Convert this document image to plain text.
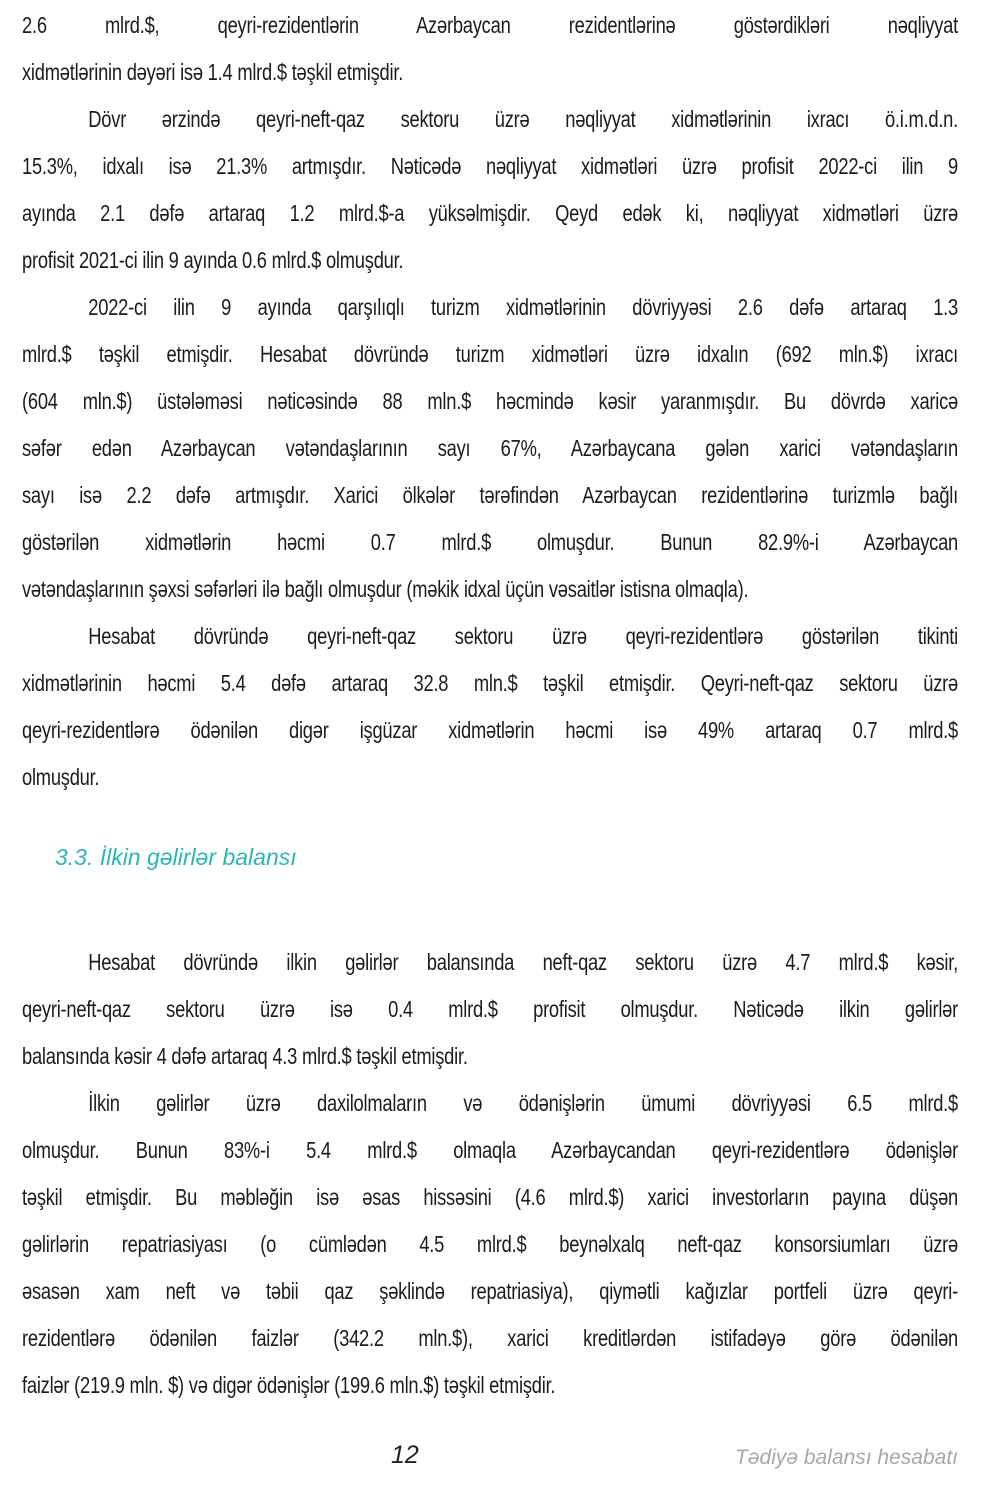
2.6 mlrd.$, qeyri-rezidentlərin Azərbaycan rezidentlərinə göstərdikləri nəqliyyat
xidmətlərinin dəyəri isə 1.4 mlrd.$ təşkil etmişdir.
Dövr ərzində qeyri-neft-qaz sektoru üzrə nəqliyyat xidmətlərinin ixracı ö.i.m.d.n.
15.3%, idxalı isə 21.3% artmışdır. Nəticədə nəqliyyat xidmətləri üzrə profisit 2022-ci ilin 9
ayında 2.1 dəfə artaraq 1.2 mlrd.$-a yüksəlmişdir. Qeyd edək ki, nəqliyyat xidmətləri üzrə
profisit 2021-ci ilin 9 ayında 0.6 mlrd.$ olmuşdur.
2022-ci ilin 9 ayında qarşılıqlı turizm xidmətlərinin dövriyyəsi 2.6 dəfə artaraq 1.3
mlrd.$ təşkil etmişdir. Hesabat dövründə turizm xidmətləri üzrə idxalın (692 mln.$) ixracı
(604 mln.$) üstələməsi nəticəsində 88 mln.$ həcmində kəsir yaranmışdır. Bu dövrdə xaricə
səfər edən Azərbaycan vətəndaşlarının sayı 67%, Azərbaycana gələn xarici vətəndaşların
sayı isə 2.2 dəfə artmışdır. Xarici ölkələr tərəfindən Azərbaycan rezidentlərinə turizmlə bağlı
göstərilən xidmətlərin həcmi 0.7 mlrd.$ olmuşdur. Bunun 82.9%-i Azərbaycan
vətəndaşlarının şəxsi səfərləri ilə bağlı olmuşdur (məkik idxal üçün vəsaitlər istisna olmaqla).
Hesabat dövründə qeyri-neft-qaz sektoru üzrə qeyri-rezidentlərə göstərilən tikinti
xidmətlərinin həcmi 5.4 dəfə artaraq 32.8 mln.$ təşkil etmişdir. Qeyri-neft-qaz sektoru üzrə
qeyri-rezidentlərə ödənilən digər işgüzar xidmətlərin həcmi isə 49% artaraq 0.7 mlrd.$
olmuşdur.
3.3. İlkin gəlirlər balansı
Hesabat dövründə ilkin gəlirlər balansında neft-qaz sektoru üzrə 4.7 mlrd.$ kəsir,
qeyri-neft-qaz sektoru üzrə isə 0.4 mlrd.$ profisit olmuşdur. Nəticədə ilkin gəlirlər
balansında kəsir 4 dəfə artaraq 4.3 mlrd.$ təşkil etmişdir.
İlkin gəlirlər üzrə daxilolmaların və ödənişlərin ümumi dövriyyəsi 6.5 mlrd.$
olmuşdur. Bunun 83%-i 5.4 mlrd.$ olmaqla Azərbaycandan qeyri-rezidentlərə ödənişlər
təşkil etmişdir. Bu məbləğin isə əsas hissəsini (4.6 mlrd.$) xarici investorların payına düşən
gəlirlərin repatriasiyası (o cümlədən 4.5 mlrd.$ beynəlxalq neft-qaz konsorsiumları üzrə
əsasən xam neft və təbii qaz şəklində repatriasiya), qiymətli kağızlar portfeli üzrə qeyri-
rezidentlərə ödənilən faizlər (342.2 mln.$), xarici kreditlərdən istifadəyə görə ödənilən
faizlər (219.9 mln. $) və digər ödənişlər (199.6 mln.$) təşkil etmişdir.
12	Tədiyə balansı hesabatı
